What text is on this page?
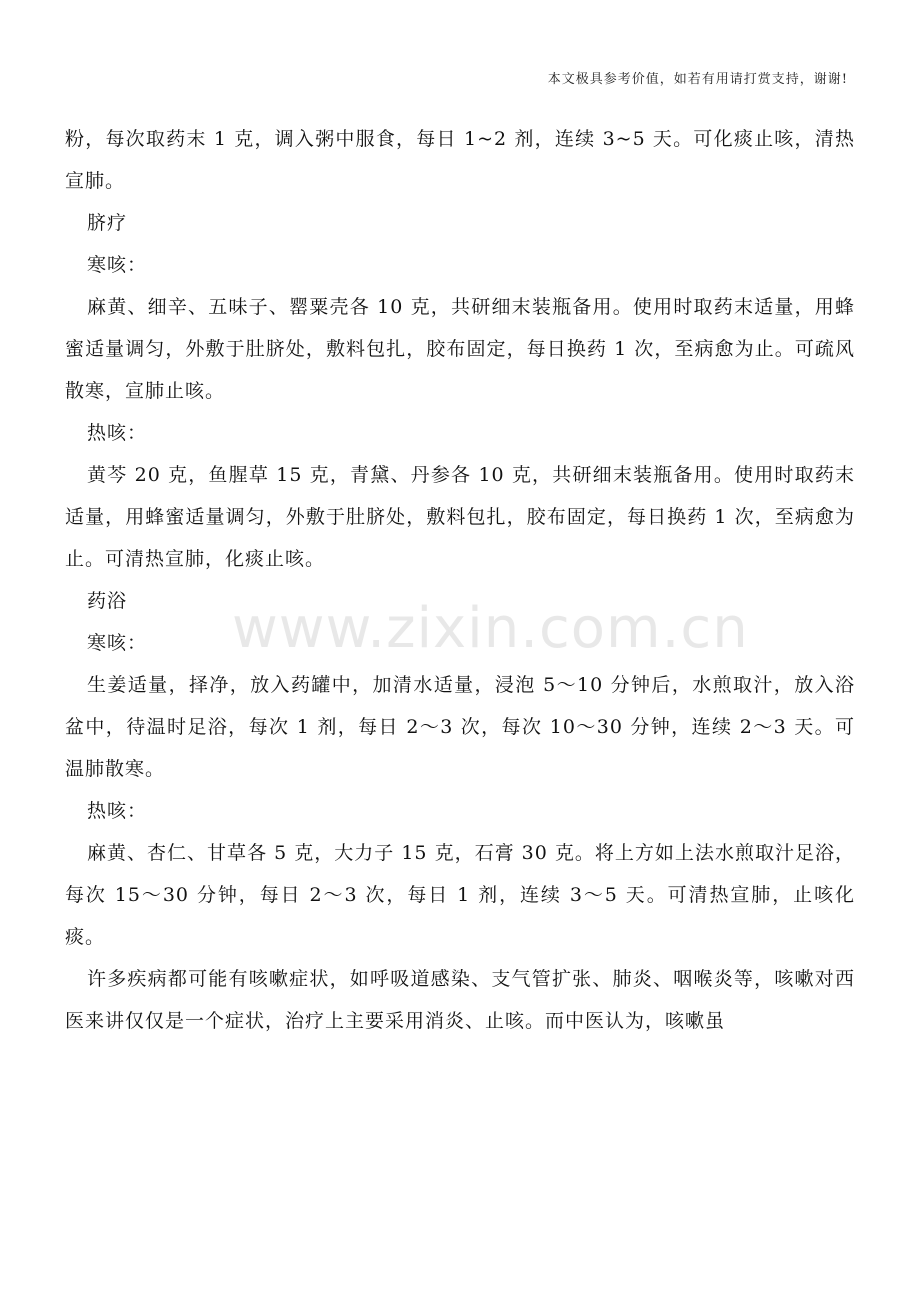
本文极具参考价值，如若有用请打赏支持，谢谢!

粉，每次取药末 1 克，调入粥中服食，每日 1~2 剂，连续 3~5 天。可化痰止咳，清热宣肺。

脐疗

寒咳：

麻黄、细辛、五味子、罂粟壳各 10 克，共研细末装瓶备用。使用时取药末适量，用蜂蜜适量调匀，外敷于肚脐处，敷料包扎，胶布固定，每日换药 1 次，至病愈为止。可疏风散寒，宣肺止咳。

热咳：

黄芩 20 克，鱼腥草 15 克，青黛、丹参各 10 克，共研细末装瓶备用。使用时取药末适量，用蜂蜜适量调匀，外敷于肚脐处，敷料包扎，胶布固定，每日换药 1 次，至病愈为止。可清热宣肺，化痰止咳。

药浴

寒咳：

生姜适量，择净，放入药罐中，加清水适量，浸泡 5～10 分钟后，水煎取汁，放入浴盆中，待温时足浴，每次 1 剂，每日 2～3 次，每次 10～30 分钟，连续 2～3 天。可温肺散寒。

热咳：

麻黄、杏仁、甘草各 5 克，大力子 15 克，石膏 30 克。将上方如上法水煎取汁足浴，每次 15～30 分钟，每日 2～3 次，每日 1 剂，连续 3～5 天。可清热宣肺，止咳化痰。

许多疾病都可能有咳嗽症状，如呼吸道感染、支气管扩张、肺炎、咽喉炎等，咳嗽对西医来讲仅仅是一个症状，治疗上主要采用消炎、止咳。而中医认为，咳嗽虽

www.zixin.com.cn
